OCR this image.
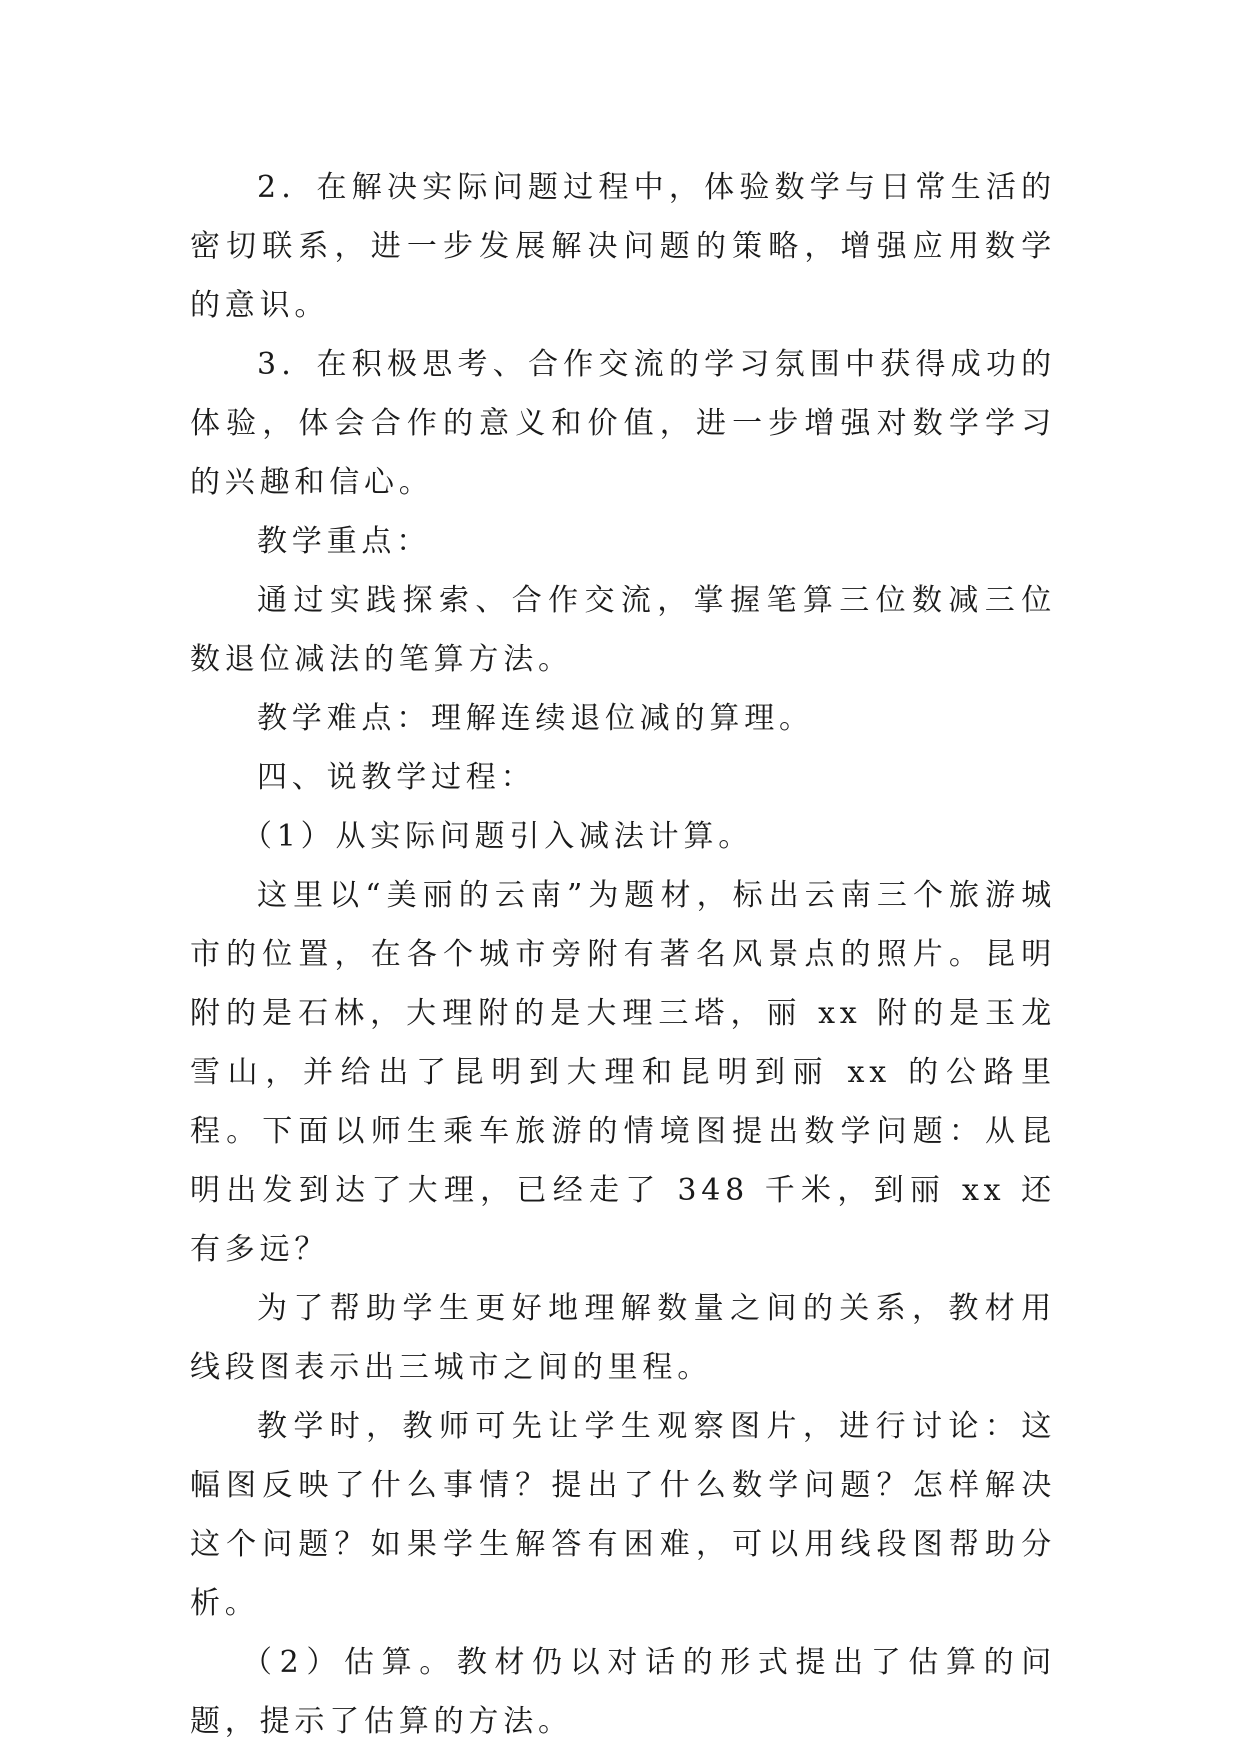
2．在解决实际问题过程中，体验数学与日常生活的密切联系，进一步发展解决问题的策略，增强应用数学的意识。

3．在积极思考、合作交流的学习氛围中获得成功的体验，体会合作的意义和价值，进一步增强对数学学习的兴趣和信心。

教学重点：

通过实践探索、合作交流，掌握笔算三位数减三位数退位减法的笔算方法。

教学难点：理解连续退位减的算理。

四、说教学过程：

（1）从实际问题引入减法计算。

这里以“美丽的云南”为题材，标出云南三个旅游城市的位置，在各个城市旁附有著名风景点的照片。昆明附的是石林，大理附的是大理三塔，丽 xx 附的是玉龙雪山，并给出了昆明到大理和昆明到丽 xx 的公路里程。下面以师生乘车旅游的情境图提出数学问题：从昆明出发到达了大理，已经走了 348 千米，到丽 xx 还有多远？

为了帮助学生更好地理解数量之间的关系，教材用线段图表示出三城市之间的里程。

教学时，教师可先让学生观察图片，进行讨论：这幅图反映了什么事情？提出了什么数学问题？怎样解决这个问题？如果学生解答有困难，可以用线段图帮助分析。

（2）估算。教材仍以对话的形式提出了估算的问题，提示了估算的方法。
